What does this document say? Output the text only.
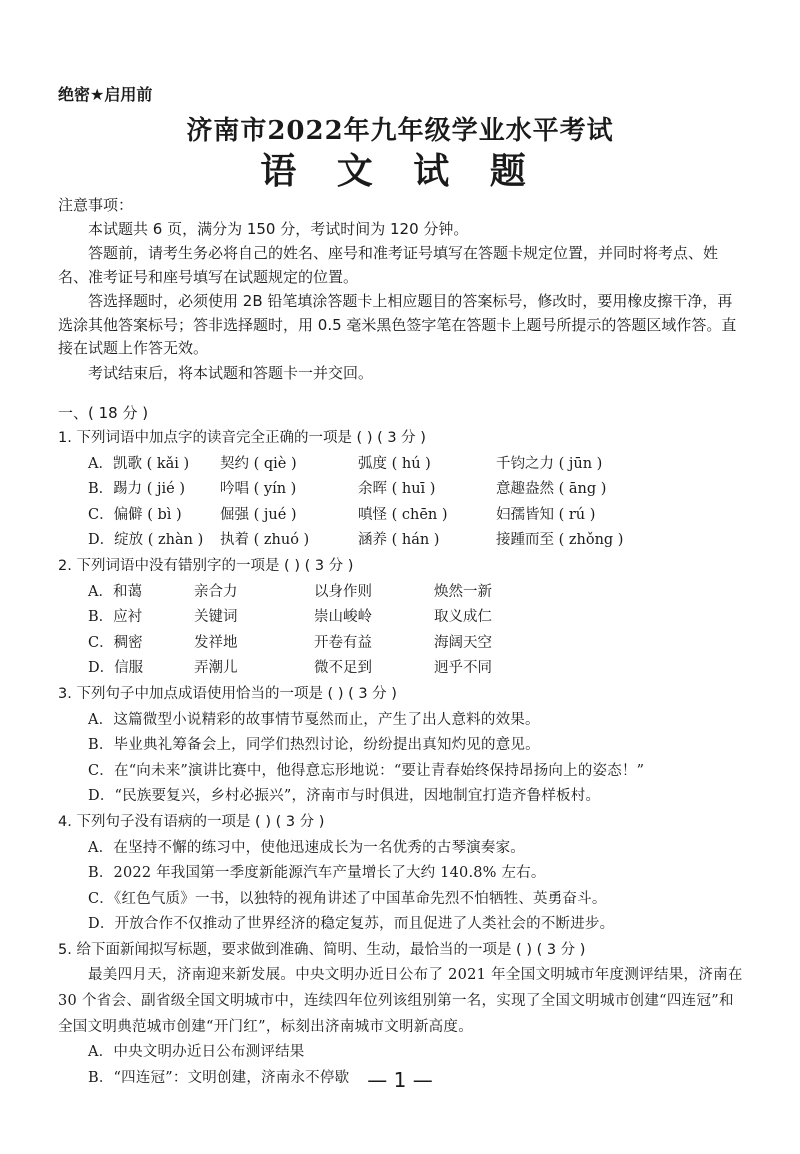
绝密★启用前
济南市2022年九年级学业水平考试
语 文 试 题
注意事项：

本试题共 6 页，满分为 150 分，考试时间为 120 分钟。

答题前，请考生务必将自己的姓名、座号和准考证号填写在答题卡规定位置，并同时将考点、姓名、准考证号和座号填写在试题规定的位置。

答选择题时，必须使用 2B 铅笔填涂答题卡上相应题目的答案标号，修改时，要用橡皮擦干净，再选涂其他答案标号；答非选择题时，用 0.5 毫米黑色签字笔在答题卡上题号所提示的答题区域作答。直接在试题上作答无效。

考试结束后，将本试题和答题卡一并交回。

一、( 18 分 )
1. 下列词语中加点字的读音完全正确的一项是 ( ) ( 3 分 )
A．凯歌 ( kǎi )	契约 ( qiè )	弧度 ( hú )	千钧之力 ( jūn )
B．踢力 ( jié )	吟唱 ( yín )	余晖 ( huī )	意趣盎然 ( āng )
C．偏僻 ( bì )	倔强 ( jué )	嗔怪 ( chēn )	妇孺皆知 ( rú )
D．绽放 ( zhàn )	执着 ( zhuó )	涵养 ( hán )	接踵而至 ( zhǒng )
2. 下列词语中没有错别字的一项是 ( ) ( 3 分 )
A．和蔼	亲合力	以身作则	焕然一新
B．应衬	关键词	崇山峻岭	取义成仁
C．稠密	发祥地	开卷有益	海阔天空
D．信服	弄潮儿	微不足到	迥乎不同
3. 下列句子中加点成语使用恰当的一项是 ( ) ( 3 分 )
A．这篇微型小说精彩的故事情节戛然而止，产生了出人意料的效果。
B．毕业典礼筹备会上，同学们热烈讨论，纷纷提出真知灼见的意见。
C．在“向未来”演讲比赛中，他得意忘形地说：“要让青春始终保持昂扬向上的姿态！”
D．“民族要复兴，乡村必振兴”，济南市与时俱进，因地制宜打造齐鲁样板村。
4. 下列句子没有语病的一项是 ( ) ( 3 分 )
A．在坚持不懈的练习中，使他迅速成长为一名优秀的古琴演奏家。
B．2022 年我国第一季度新能源汽车产量增长了大约 140.8% 左右。
C．《红色气质》一书，以独特的视角讲述了中国革命先烈不怕牺牲、英勇奋斗。
D．开放合作不仅推动了世界经济的稳定复苏，而且促进了人类社会的不断进步。
5. 给下面新闻拟写标题，要求做到准确、简明、生动，最恰当的一项是 ( ) ( 3 分 )
最美四月天，济南迎来新发展。中央文明办近日公布了 2021 年全国文明城市年度测评结果，济南在 30 个省会、副省级全国文明城市中，连续四年位列该组别第一名，实现了全国文明城市创建“四连冠”和全国文明典范城市创建“开门红”，标刻出济南城市文明新高度。
A．中央文明办近日公布测评结果
B．“四连冠”：文明创建，济南永不停歇 — 1 —
